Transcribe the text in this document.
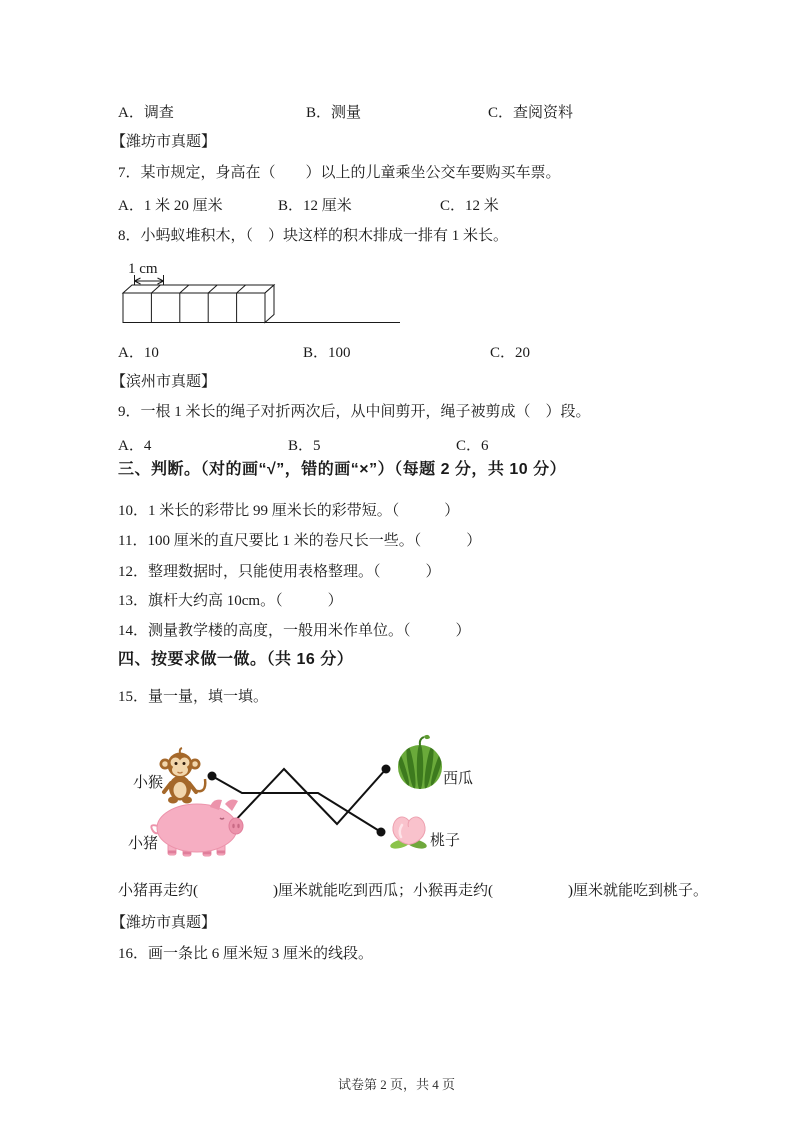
A．调查	B．测量	C．查阅资料
【潍坊市真题】
7．某市规定，身高在（　　）以上的儿童乘坐公交车要购买车票。
A．1 米 20 厘米	B．12 厘米	C．12 米
8．小蚂蚁堆积木，（　）块这样的积木排成一排有 1 米长。
1 cm
A．10	B．100	C．20
【滨州市真题】
9．一根 1 米长的绳子对折两次后，从中间剪开，绳子被剪成（　）段。
A．4	B．5	C．6
三、判断。（对的画“√”，错的画“×”）（每题 2 分，共 10 分）
10．1 米长的彩带比 99 厘米长的彩带短。（　　　）
11．100 厘米的直尺要比 1 米的卷尺长一些。（　　　）
12．整理数据时，只能使用表格整理。（　　　）
13．旗杆大约高 10cm。（　　　）
14．测量教学楼的高度，一般用米作单位。（　　　）
四、按要求做一做。（共 16 分）
15．量一量，填一填。
小猴
小猪
西瓜
桃子
小猪再走约(　　　　　)厘米就能吃到西瓜；小猴再走约(　　　　　)厘米就能吃到桃子。
【潍坊市真题】
16．画一条比 6 厘米短 3 厘米的线段。
试卷第 2 页，共 4 页
